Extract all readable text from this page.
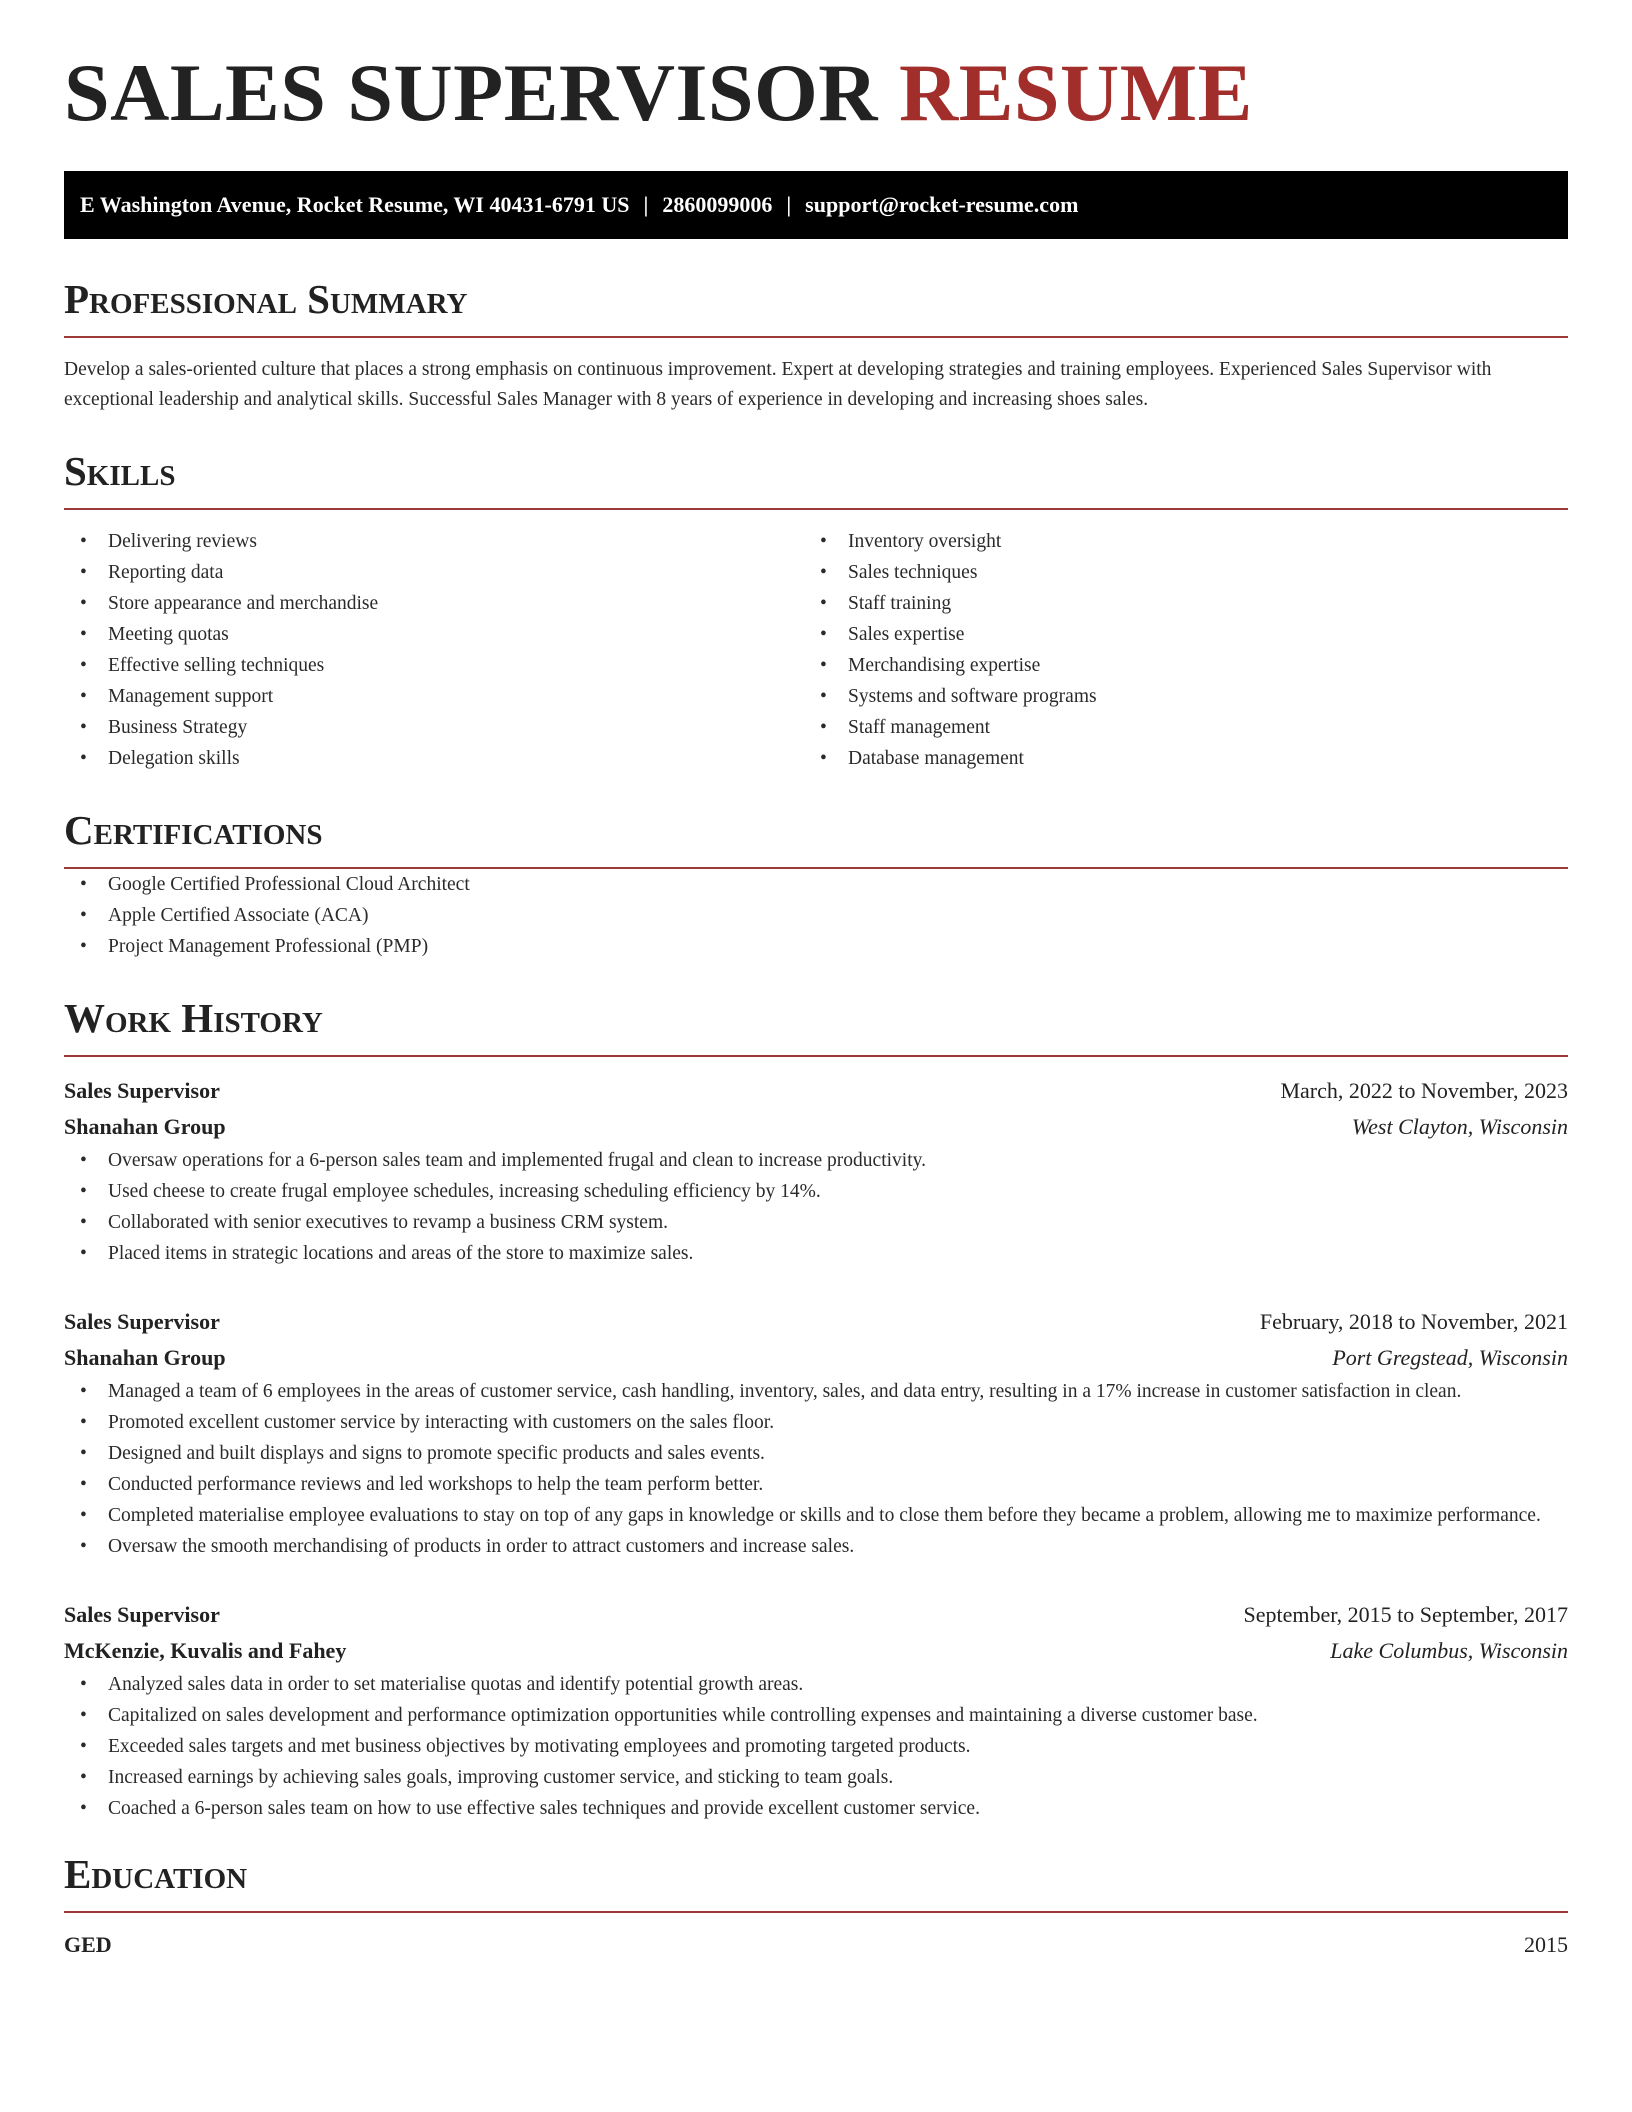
SALES SUPERVISOR RESUME
E Washington Avenue, Rocket Resume, WI 40431-6791 US | 2860099006 | support@rocket-resume.com
Professional Summary

Develop a sales-oriented culture that places a strong emphasis on continuous improvement. Expert at developing strategies and training employees. Experienced Sales Supervisor with exceptional leadership and analytical skills. Successful Sales Manager with 8 years of experience in developing and increasing shoes sales.

Skills
• Delivering reviews
• Reporting data
• Store appearance and merchandise
• Meeting quotas
• Effective selling techniques
• Management support
• Business Strategy
• Delegation skills
• Inventory oversight
• Sales techniques
• Staff training
• Sales expertise
• Merchandising expertise
• Systems and software programs
• Staff management
• Database management
Certifications
• Google Certified Professional Cloud Architect
• Apple Certified Associate (ACA)
• Project Management Professional (PMP)
Work History
Sales Supervisor	March, 2022 to November, 2023
Shanahan Group	West Clayton, Wisconsin
• Oversaw operations for a 6-person sales team and implemented frugal and clean to increase productivity.
• Used cheese to create frugal employee schedules, increasing scheduling efficiency by 14%.
• Collaborated with senior executives to revamp a business CRM system.
• Placed items in strategic locations and areas of the store to maximize sales.
Sales Supervisor	February, 2018 to November, 2021
Shanahan Group	Port Gregstead, Wisconsin
• Managed a team of 6 employees in the areas of customer service, cash handling, inventory, sales, and data entry, resulting in a 17% increase in customer satisfaction in clean.
• Promoted excellent customer service by interacting with customers on the sales floor.
• Designed and built displays and signs to promote specific products and sales events.
• Conducted performance reviews and led workshops to help the team perform better.
• Completed materialise employee evaluations to stay on top of any gaps in knowledge or skills and to close them before they became a problem, allowing me to maximize performance.
• Oversaw the smooth merchandising of products in order to attract customers and increase sales.
Sales Supervisor	September, 2015 to September, 2017
McKenzie, Kuvalis and Fahey	Lake Columbus, Wisconsin
• Analyzed sales data in order to set materialise quotas and identify potential growth areas.
• Capitalized on sales development and performance optimization opportunities while controlling expenses and maintaining a diverse customer base.
• Exceeded sales targets and met business objectives by motivating employees and promoting targeted products.
• Increased earnings by achieving sales goals, improving customer service, and sticking to team goals.
• Coached a 6-person sales team on how to use effective sales techniques and provide excellent customer service.
Education
GED	2015
